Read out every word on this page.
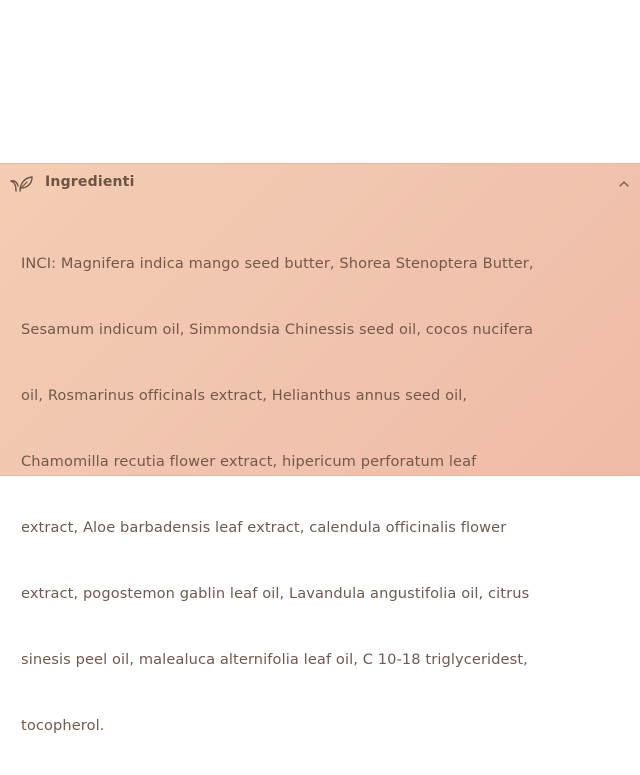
Ingredienti

INCI: Magnifera indica mango seed butter, Shorea Stenoptera Butter,

Sesamum indicum oil, Simmondsia Chinessis seed oil, cocos nucifera

oil, Rosmarinus officinals extract, Helianthus annus seed oil,

Chamomilla recutia flower extract, hipericum perforatum leaf

extract, Aloe barbadensis leaf extract, calendula officinalis flower

extract, pogostemon gablin leaf oil, Lavandula angustifolia oil, citrus

sinesis peel oil, malealuca alternifolia leaf oil, C 10-18 triglyceridest,

tocopherol.
